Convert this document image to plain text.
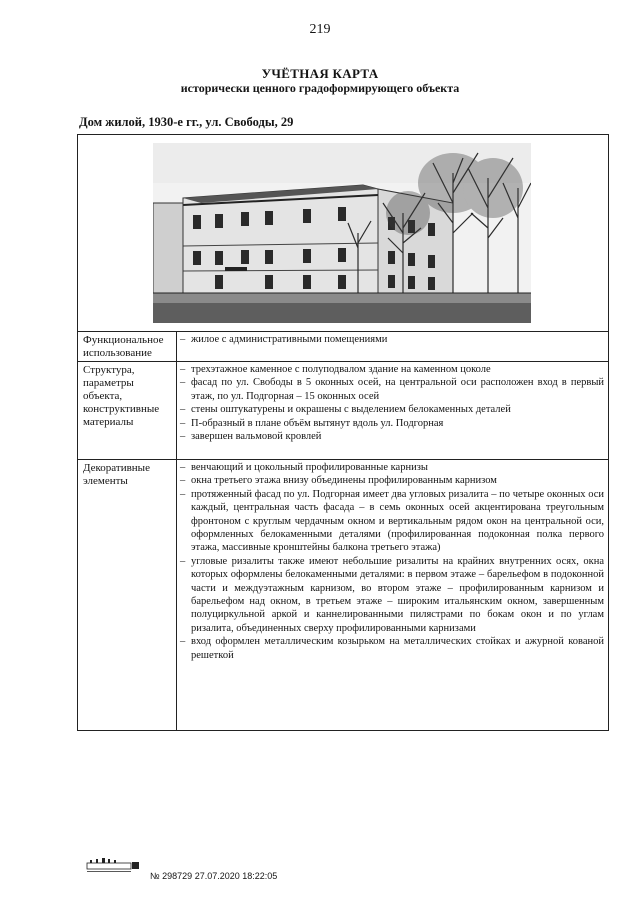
219
УЧЁТНАЯ КАРТА
исторически ценного градоформирующего объекта
Дом жилой, 1930-е гг., ул. Свободы, 29
Функциональное использование
– жилое с административными помещениями
Структура, параметры объекта, конструктивные материалы
– трехэтажное каменное с полуподвалом здание на каменном цоколе
– фасад по ул. Свободы в 5 оконных осей, на центральной оси расположен вход в первый этаж, по ул. Подгорная – 15 оконных осей
– стены оштукатурены и окрашены с выделением белокаменных деталей
– П-образный в плане объём вытянут вдоль ул. Подгорная
– завершен вальмовой кровлей
Декоративные элементы
– венчающий и цокольный профилированные карнизы
– окна третьего этажа внизу объединены профилированным карнизом
– протяженный фасад по ул. Подгорная имеет два угловых ризалита – по четыре оконных оси каждый, центральная часть фасада – в семь оконных осей акцентирована треугольным фронтоном с круглым чердачным окном и вертикальным рядом окон на центральной оси, оформленных белокаменными деталями (профилированная подоконная полка первого этажа, массивные кронштейны балкона третьего этажа)
– угловые ризалиты также имеют небольшие ризалиты на крайних внутренних осях, окна которых оформлены белокаменными деталями: в первом этаже – барельефом в подоконной части и междуэтажным карнизом, во втором этаже – профилированным карнизом и барельефом над окном, в третьем этаже – широким итальянским окном, завершенным полуциркульной аркой и каннелированными пилястрами по бокам окон и по углам ризалита, объединенных сверху профилированными карнизами
– вход оформлен металлическим козырьком на металлических стойках и ажурной кованой решеткой
№ 298729 27.07.2020 18:22:05
